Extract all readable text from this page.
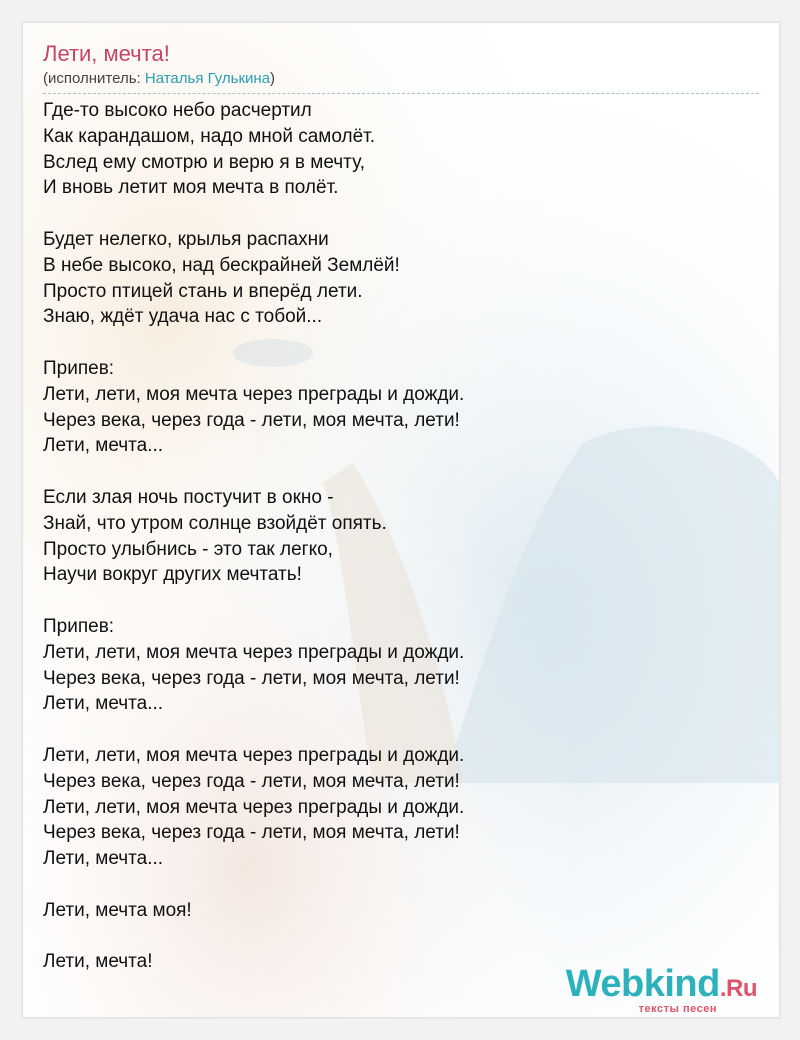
Лети, мечта!
(исполнитель: Наталья Гулькина)
Где-то высоко небо расчертил
Как карандашом, надо мной самолёт.
Вслед ему смотрю и верю я в мечту,
И вновь летит моя мечта в полёт.
Будет нелегко, крылья распахни
В небе высоко, над бескрайней Землёй!
Просто птицей стань и вперёд лети.
Знаю, ждёт удача нас с тобой...
Припев:
Лети, лети, моя мечта через преграды и дожди.
Через века, через года - лети, моя мечта, лети!
Лети, мечта...
Если злая ночь постучит в окно -
Знай, что утром солнце взойдёт опять.
Просто улыбнись - это так легко,
Научи вокруг других мечтать!
Припев:
Лети, лети, моя мечта через преграды и дожди.
Через века, через года - лети, моя мечта, лети!
Лети, мечта...
Лети, лети, моя мечта через преграды и дожди.
Через века, через года - лети, моя мечта, лети!
Лети, лети, моя мечта через преграды и дожди.
Через века, через года - лети, моя мечта, лети!
Лети, мечта...
Лети, мечта моя!
Лети, мечта!
Webkind.Ru
тексты песен
